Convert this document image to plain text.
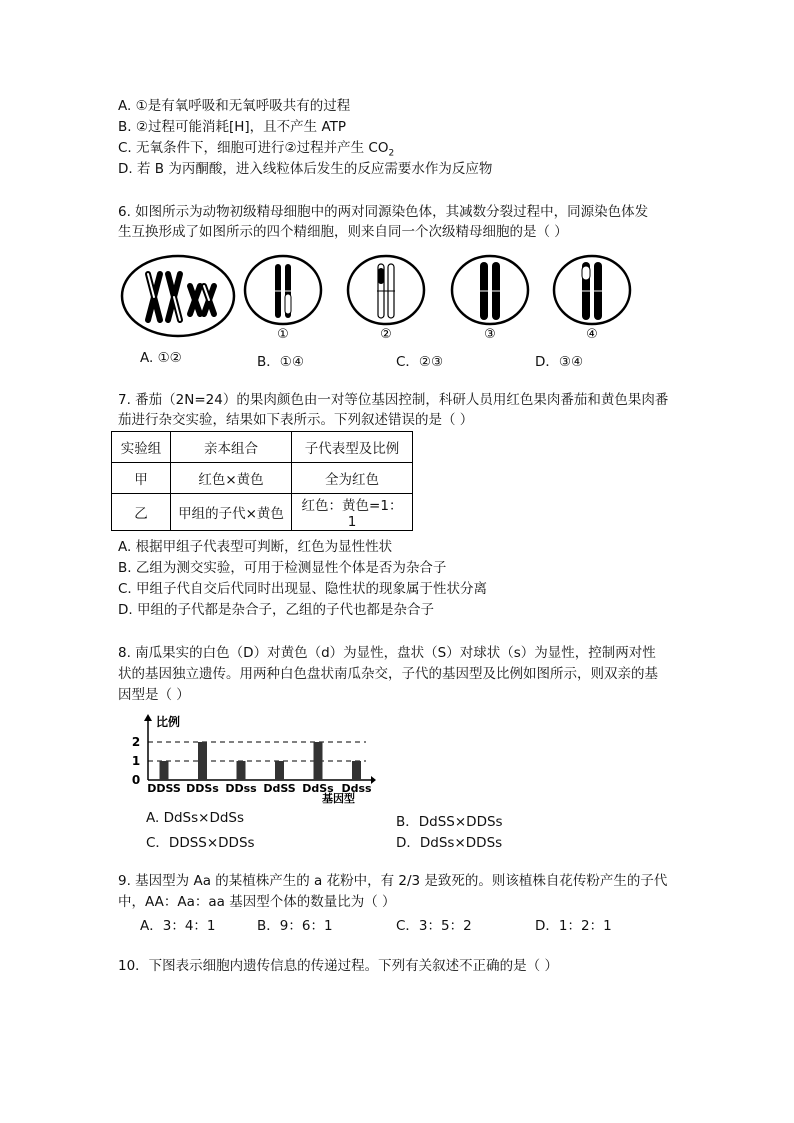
A. ①是有氧呼吸和无氧呼吸共有的过程
B. ②过程可能消耗[H]，且不产生 ATP
C. 无氧条件下，细胞可进行②过程并产生 $CO_2$
D. 若 B 为丙酮酸，进入线粒体后发生的反应需要水作为反应物
6. 如图所示为动物初级精母细胞中的两对同源染色体，其减数分裂过程中，同源染色体发
生互换形成了如图所示的四个精细胞，则来自同一个次级精母细胞的是（ ）
①	②	③	④
A. ①②	B．①④	C．②③	D．③④
7. 番茄（2N=24）的果肉颜色由一对等位基因控制，科研人员用红色果肉番茄和黄色果肉番
茄进行杂交实验，结果如下表所示。下列叙述错误的是（ ）
实验组	亲本组合	子代表型及比例
甲	红色×黄色	全为红色
乙	甲组的子代×黄色	红色：黄色=1：1
A. 根据甲组子代表型可判断，红色为显性性状
B. 乙组为测交实验，可用于检测显性个体是否为杂合子
C. 甲组子代自交后代同时出现显、隐性状的现象属于性状分离
D. 甲组的子代都是杂合子，乙组的子代也都是杂合子
8. 南瓜果实的白色（D）对黄色（d）为显性，盘状（S）对球状（s）为显性，控制两对性
状的基因独立遗传。用两种白色盘状南瓜杂交，子代的基因型及比例如图所示，则双亲的基
因型是（ ）
比例
基因型
0
1
2
DDSS DDSs DDss DdSS DdSs Ddss
A. DdSs×DdSs	B．DdSS×DDSs
C．DDSS×DDSs	D．DdSs×DDSs
9. 基因型为 Aa 的某植株产生的 a 花粉中，有 2/3 是致死的。则该植株自花传粉产生的子代
中，AA：Aa：aa 基因型个体的数量比为（ ）
A．3：4：1	B．9：6：1	C．3：5：2	D．1：2：1
10．下图表示细胞内遗传信息的传递过程。下列有关叙述不正确的是（ ）
